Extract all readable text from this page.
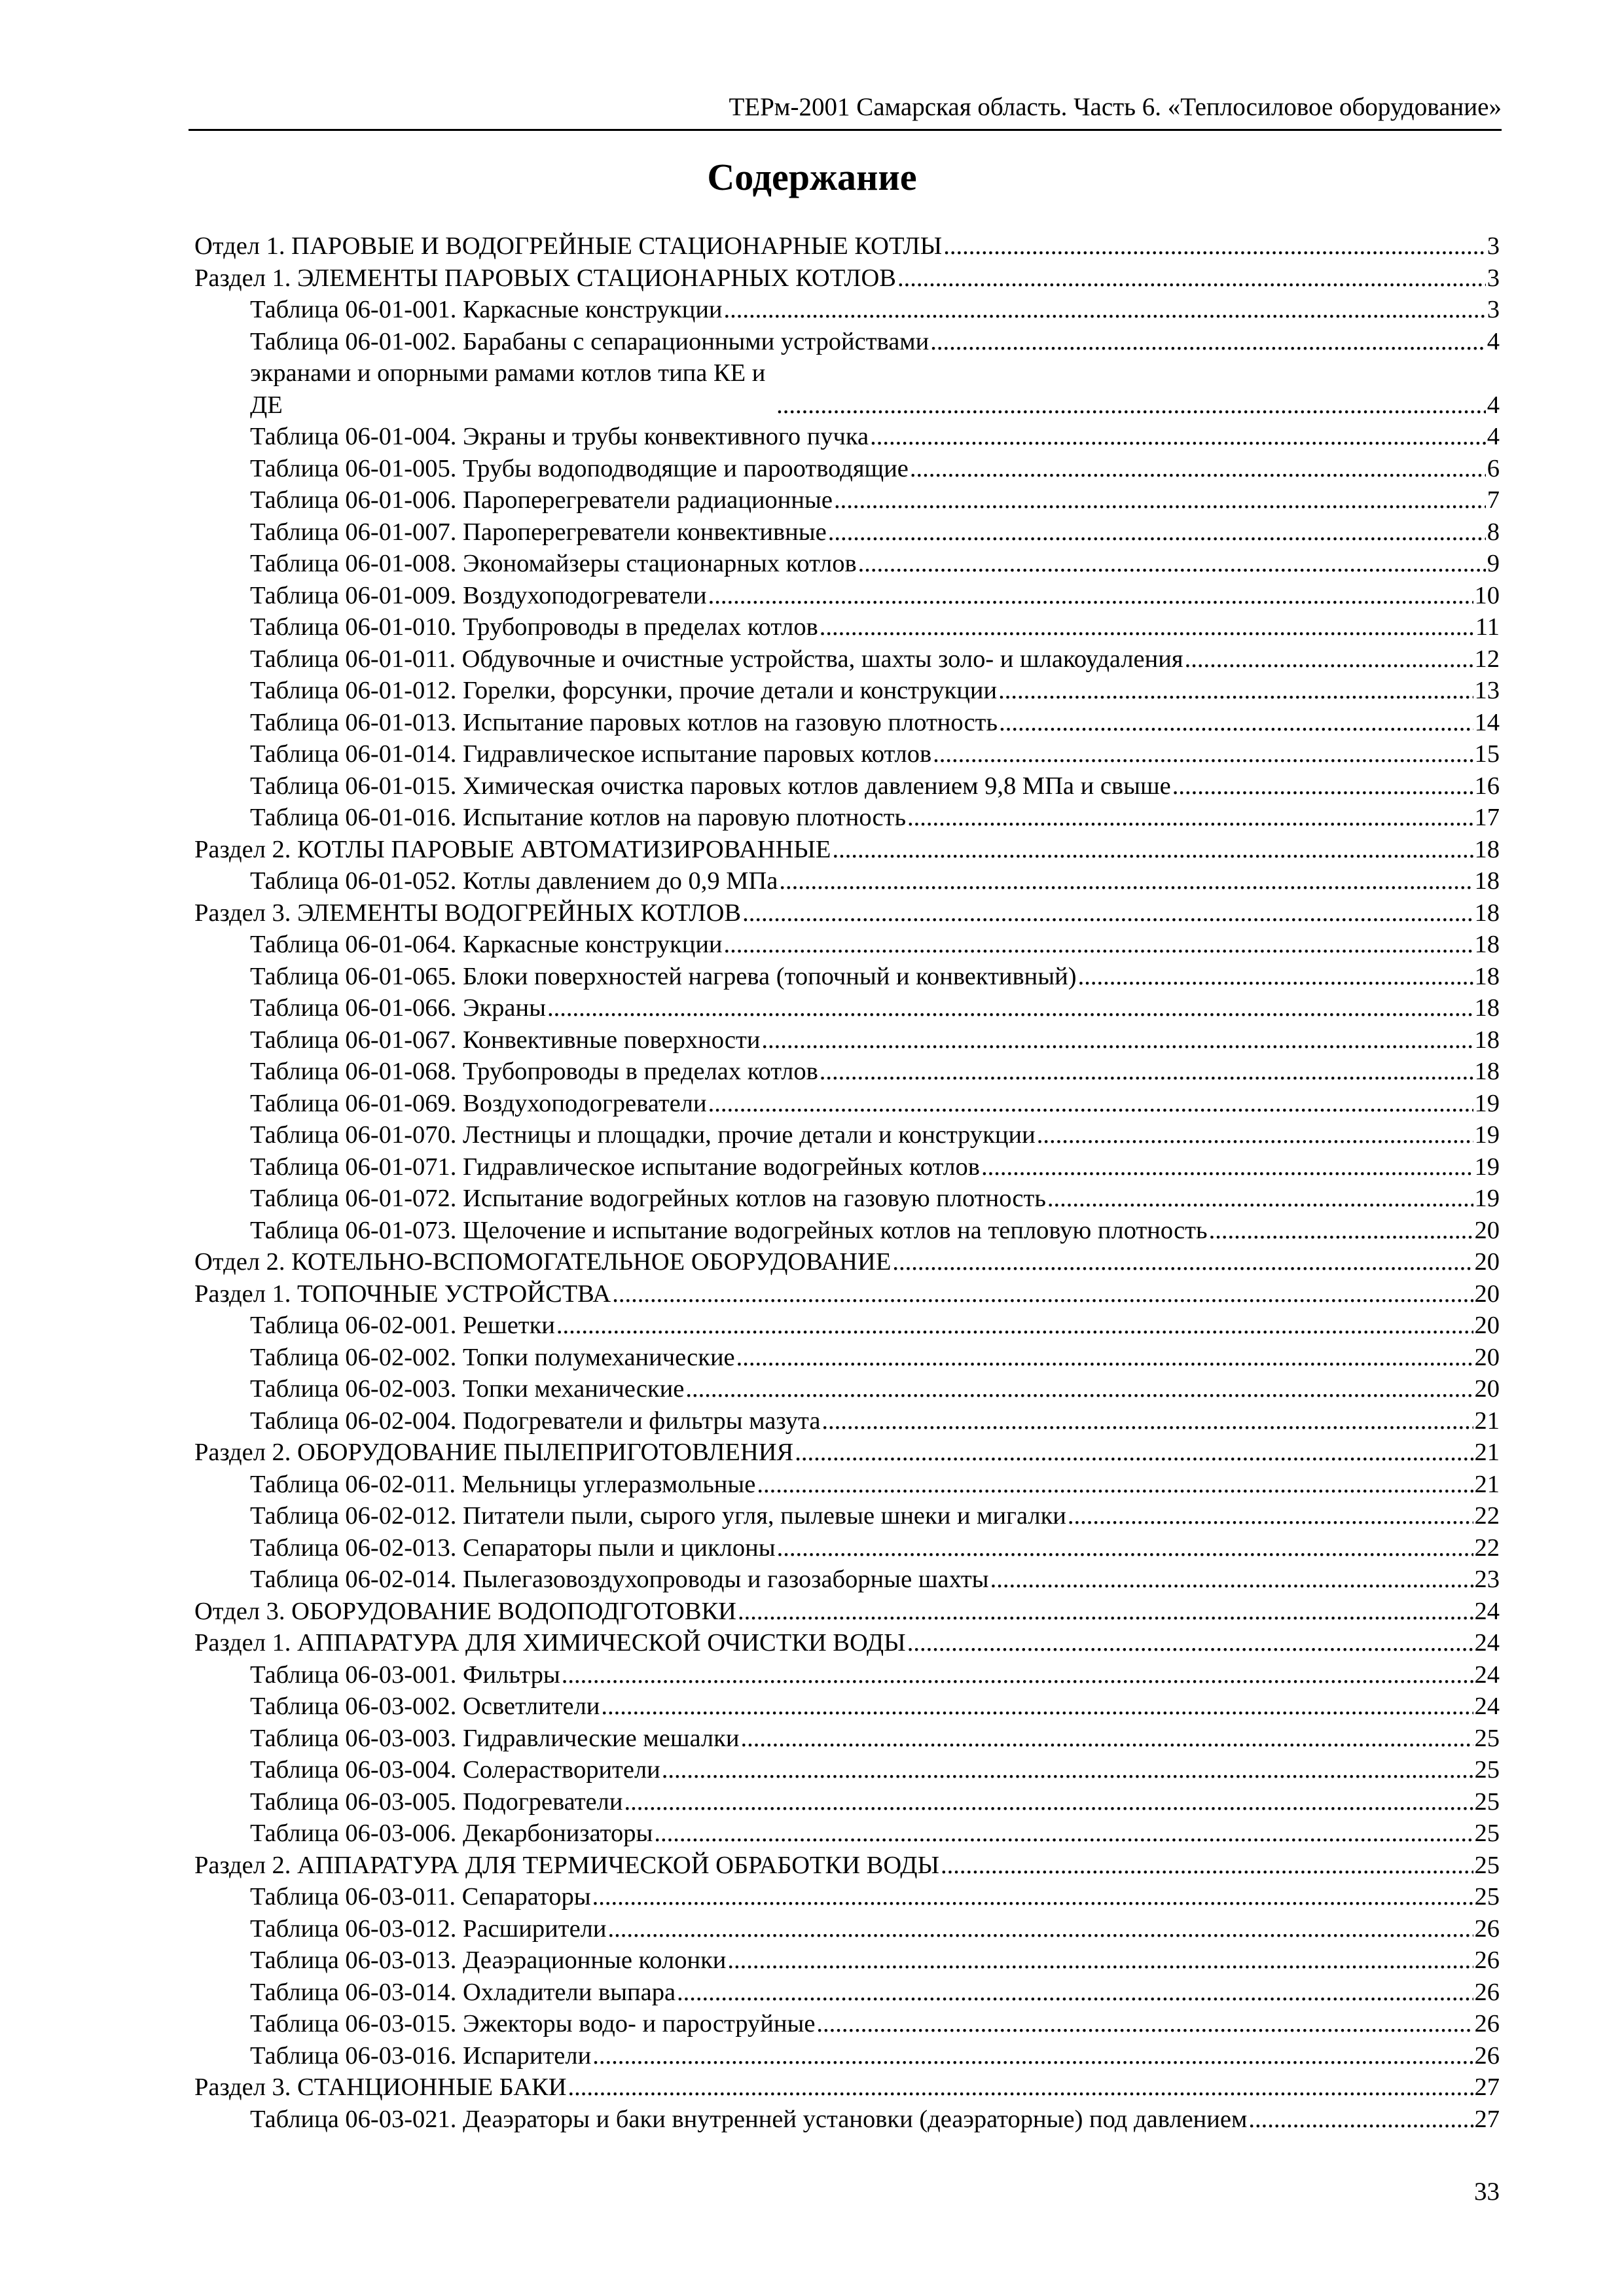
ТЕРм-2001 Самарская область. Часть 6. «Теплосиловое оборудование»
Содержание
Отдел 1. ПАРОВЫЕ И ВОДОГРЕЙНЫЕ СТАЦИОНАРНЫЕ КОТЛЫ .....	3
Раздел 1. ЭЛЕМЕНТЫ ПАРОВЫХ СТАЦИОНАРНЫХ КОТЛОВ .....	3
Таблица 06-01-001. Каркасные конструкции .....	3
Таблица 06-01-002. Барабаны с сепарационными устройствами .....	4
экранами и опорными рамами котлов типа КЕ и ДЕ .....	4
Таблица 06-01-004. Экраны и трубы конвективного пучка .....	4
Таблица 06-01-005. Трубы водоподводящие и пароотводящие .....	6
Таблица 06-01-006. Пароперегреватели радиационные .....	7
Таблица 06-01-007. Пароперегреватели конвективные .....	8
Таблица 06-01-008. Экономайзеры стационарных котлов .....	9
Таблица 06-01-009. Воздухоподогреватели .....	10
Таблица 06-01-010. Трубопроводы в пределах котлов .....	11
Таблица 06-01-011. Обдувочные и очистные устройства, шахты золо- и шлакоудаления .....	12
Таблица 06-01-012. Горелки, форсунки, прочие детали и конструкции .....	13
Таблица 06-01-013. Испытание паровых котлов на газовую плотность .....	14
Таблица 06-01-014. Гидравлическое испытание паровых котлов .....	15
Таблица 06-01-015. Химическая очистка паровых котлов давлением 9,8 МПа и свыше .....	16
Таблица 06-01-016. Испытание котлов на паровую плотность .....	17
Раздел 2. КОТЛЫ ПАРОВЫЕ АВТОМАТИЗИРОВАННЫЕ .....	18
Таблица 06-01-052. Котлы давлением до 0,9 МПа .....	18
Раздел 3. ЭЛЕМЕНТЫ ВОДОГРЕЙНЫХ КОТЛОВ .....	18
Таблица 06-01-064. Каркасные конструкции .....	18
Таблица 06-01-065. Блоки поверхностей нагрева (топочный и конвективный) .....	18
Таблица 06-01-066. Экраны .....	18
Таблица 06-01-067. Конвективные поверхности .....	18
Таблица 06-01-068. Трубопроводы в пределах котлов .....	18
Таблица 06-01-069. Воздухоподогреватели .....	19
Таблица 06-01-070. Лестницы и площадки, прочие детали и конструкции .....	19
Таблица 06-01-071. Гидравлическое испытание водогрейных котлов .....	19
Таблица 06-01-072. Испытание водогрейных котлов на газовую плотность .....	19
Таблица 06-01-073. Щелочение и испытание водогрейных котлов на тепловую плотность .....	20
Отдел 2. КОТЕЛЬНО-ВСПОМОГАТЕЛЬНОЕ ОБОРУДОВАНИЕ .....	20
Раздел 1. ТОПОЧНЫЕ УСТРОЙСТВА .....	20
Таблица 06-02-001. Решетки .....	20
Таблица 06-02-002. Топки полумеханические .....	20
Таблица 06-02-003. Топки механические .....	20
Таблица 06-02-004. Подогреватели и фильтры мазута .....	21
Раздел 2. ОБОРУДОВАНИЕ ПЫЛЕПРИГОТОВЛЕНИЯ .....	21
Таблица 06-02-011. Мельницы углеразмольные .....	21
Таблица 06-02-012. Питатели пыли, сырого угля, пылевые шнеки и мигалки .....	22
Таблица 06-02-013. Сепараторы пыли и циклоны .....	22
Таблица 06-02-014. Пылегазовоздухопроводы и газозаборные шахты .....	23
Отдел 3. ОБОРУДОВАНИЕ ВОДОПОДГОТОВКИ .....	24
Раздел 1. АППАРАТУРА ДЛЯ ХИМИЧЕСКОЙ ОЧИСТКИ ВОДЫ .....	24
Таблица 06-03-001. Фильтры .....	24
Таблица 06-03-002. Осветлители .....	24
Таблица 06-03-003. Гидравлические мешалки .....	25
Таблица 06-03-004. Солерастворители .....	25
Таблица 06-03-005. Подогреватели .....	25
Таблица 06-03-006. Декарбонизаторы .....	25
Раздел 2. АППАРАТУРА ДЛЯ ТЕРМИЧЕСКОЙ ОБРАБОТКИ ВОДЫ .....	25
Таблица 06-03-011. Сепараторы .....	25
Таблица 06-03-012. Расширители .....	26
Таблица 06-03-013. Деаэрационные колонки .....	26
Таблица 06-03-014. Охладители выпара .....	26
Таблица 06-03-015. Эжекторы водо- и пароструйные .....	26
Таблица 06-03-016. Испарители .....	26
Раздел 3. СТАНЦИОННЫЕ БАКИ .....	27
Таблица 06-03-021. Деаэраторы и баки внутренней установки (деаэраторные) под давлением .....	27
33
